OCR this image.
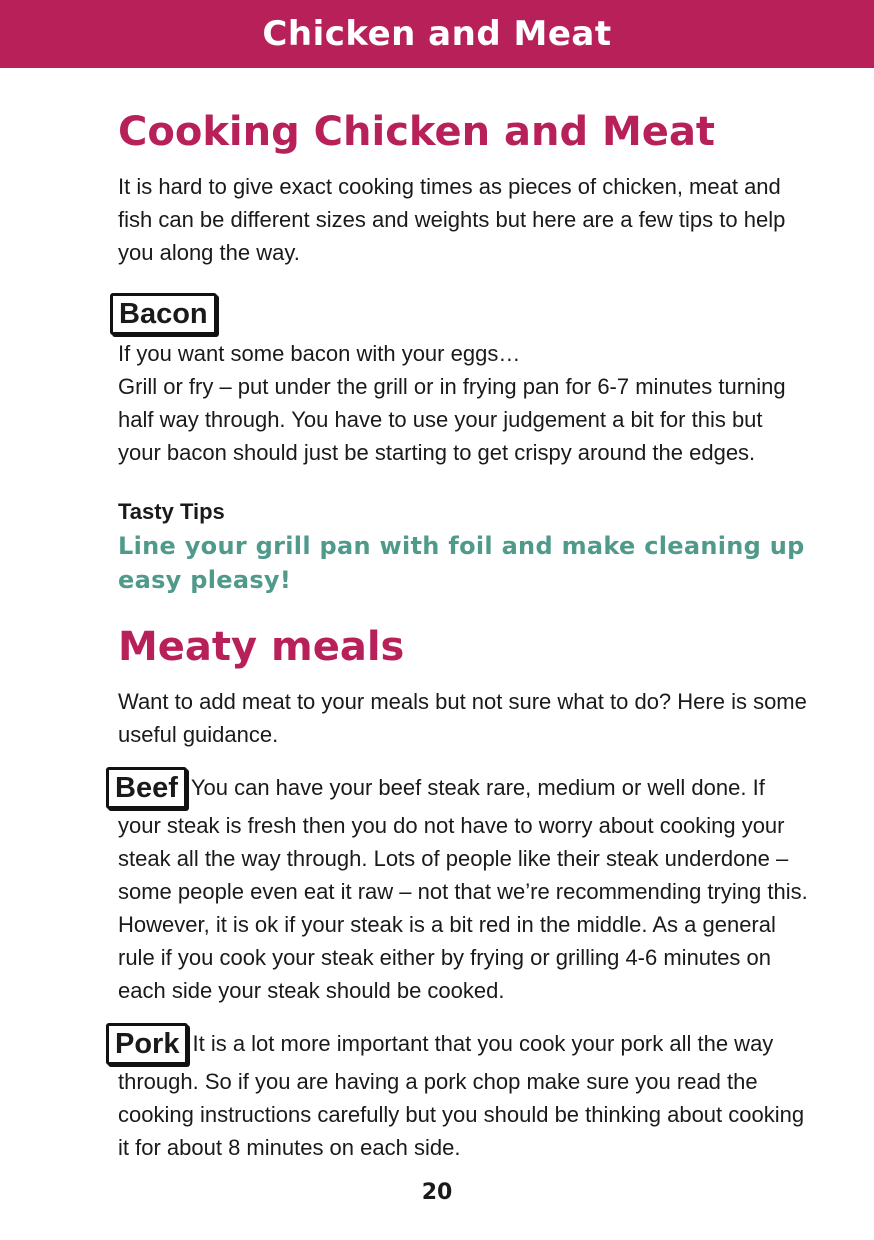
Chicken and Meat
Cooking Chicken and Meat

It is hard to give exact cooking times as pieces of chicken, meat and fish can be different sizes and weights but here are a few tips to help you along the way.

Bacon

If you want some bacon with your eggs…

Grill or fry – put under the grill or in frying pan for 6-7 minutes turning half way through. You have to use your judgement a bit for this but your bacon should just be starting to get crispy around the edges.

Tasty Tips

Line your grill pan with foil and make cleaning up easy pleasy!

Meaty meals

Want to add meat to your meals but not sure what to do? Here is some useful guidance.

Beef You can have your beef steak rare, medium or well done. If your steak is fresh then you do not have to worry about cooking your steak all the way through. Lots of people like their steak underdone – some people even eat it raw – not that we’re recommending trying this. However, it is ok if your steak is a bit red in the middle. As a general rule if you cook your steak either by frying or grilling 4-6 minutes on each side your steak should be cooked.

Pork It is a lot more important that you cook your pork all the way through. So if you are having a pork chop make sure you read the cooking instructions carefully but you should be thinking about cooking it for about 8 minutes on each side.

20
